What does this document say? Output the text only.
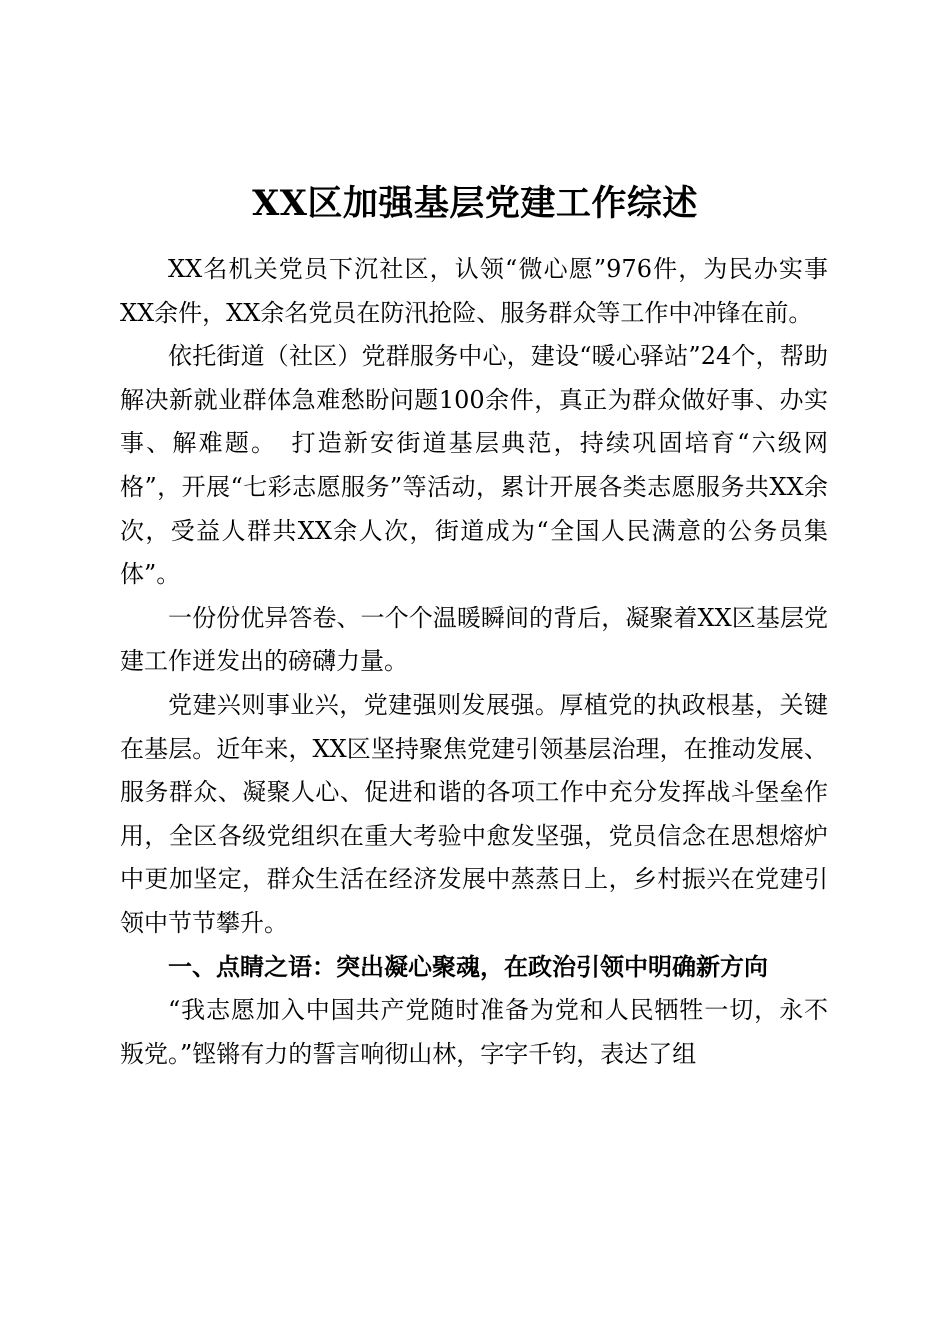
XX区加强基层党建工作综述

XX名机关党员下沉社区，认领“微心愿”976件，为民办实事XX余件，XX余名党员在防汛抢险、服务群众等工作中冲锋在前。

依托街道（社区）党群服务中心，建设“暖心驿站”24个，帮助解决新就业群体急难愁盼问题100余件，真正为群众做好事、办实事、解难题。　打造新安街道基层典范，持续巩固培育“六级网格”，开展“七彩志愿服务”等活动，累计开展各类志愿服务共XX余次，受益人群共XX余人次，街道成为“全国人民满意的公务员集体”。

一份份优异答卷、一个个温暖瞬间的背后，凝聚着XX区基层党建工作迸发出的磅礴力量。

党建兴则事业兴，党建强则发展强。厚植党的执政根基，关键在基层。近年来，XX区坚持聚焦党建引领基层治理，在推动发展、服务群众、凝聚人心、促进和谐的各项工作中充分发挥战斗堡垒作用，全区各级党组织在重大考验中愈发坚强，党员信念在思想熔炉中更加坚定，群众生活在经济发展中蒸蒸日上，乡村振兴在党建引领中节节攀升。

一、点睛之语：突出凝心聚魂，在政治引领中明确新方向

“我志愿加入中国共产党随时准备为党和人民牺牲一切，永不叛党。”铿锵有力的誓言响彻山林，字字千钧，表达了组
